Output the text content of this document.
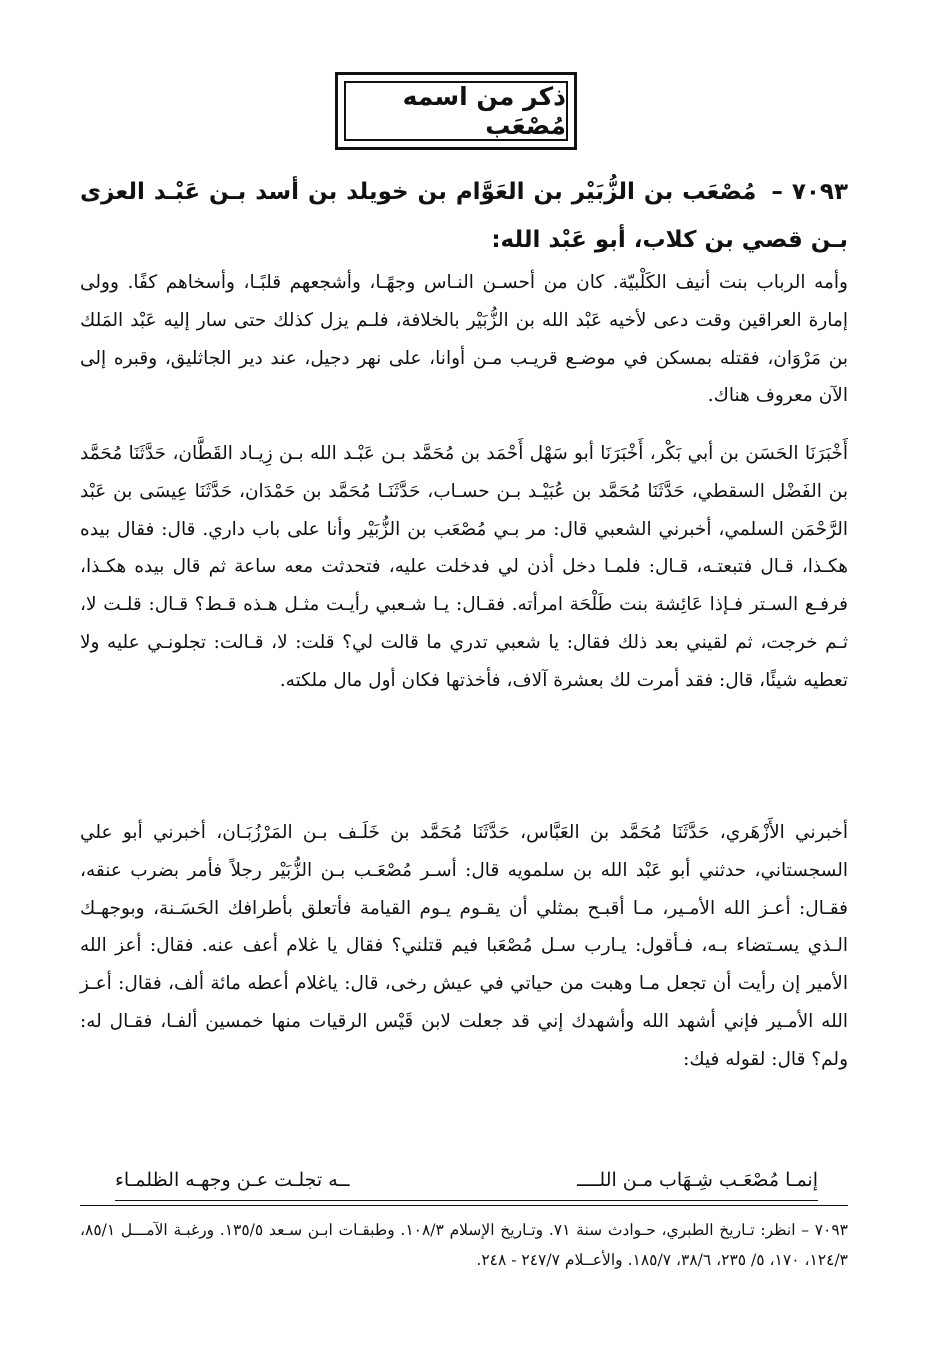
ذكر من اسمه مُصْعَب
٧٠٩٣ – مُصْعَب بن الزُّبَيْر بن العَوَّام بن خويلد بن أسد بـن عَبْـد العزى بـن قصي بن كلاب، أبو عَبْد الله:
وأمه الرباب بنت أنيف الكَلْبيّة. كان من أحسـن النـاس وجهًـا، وأشجعهم قلبًـا، وأسخاهم كفًا. وولى إمارة العراقين وقت دعى لأخيه عَبْد الله بن الزُّبَيْر بالخلافة، فلـم يزل كذلك حتى سار إليه عَبْد المَلك بن مَرْوَان، فقتله بمسكن في موضـع قريـب مـن أوانا، على نهر دجيل، عند دير الجاثليق، وقبره إلى الآن معروف هناك.
أَخْبَرَنَا الحَسَن بن أبي بَكْر، أَخْبَرَنَا أبو سَهْل أَحْمَد بن مُحَمَّد بـن عَبْـد الله بـن زِيـاد القَطَّان، حَدَّثَنَا مُحَمَّد بن الفَضْل السقطي، حَدَّثَنَا مُحَمَّد بن عُبَيْـد بـن حسـاب، حَدَّثَنَـا مُحَمَّد بن حَمْدَان، حَدَّثَنَا عِيسَى بن عَبْد الرَّحْمَن السلمي، أخبرني الشعبي قال: مر بـي مُصْعَب بن الزُّبَيْر وأنا على باب داري. قال: فقال بيده هكـذا، قـال فتبعتـه، قـال: فلمـا دخل أذن لي فدخلت عليه، فتحدثت معه ساعة ثم قال بيده هكـذا، فرفـع السـتر فـإذا عَائِشة بنت طَلْحَة امرأته. فقـال: يـا شـعبي رأيـت مثـل هـذه قـط؟ قـال: قلـت لا، ثـم خرجت، ثم لقيني بعد ذلك فقال: يا شعبي تدري ما قالت لي؟ قلت: لا، قـالت: تجلونـي عليه ولا تعطيه شيئًا، قال: فقد أمرت لك بعشرة آلاف، فأخذتها فكان أول مال ملكته.
أخبرني الأَزْهَري، حَدَّثَنَا مُحَمَّد بن العَبَّاس، حَدَّثَنَا مُحَمَّد بن خَلَـف بـن المَرْزُبَـان، أخبرني أبو علي السجستاني، حدثني أبو عَبْد الله بن سلمويه قال: أسـر مُصْعَـب بـن الزُّبَيْر رجلاً فأمر بضرب عنقه، فقـال: أعـز الله الأمـير، مـا أقبـح بمثلي أن يقـوم يـوم القيامة فأتعلق بأطرافك الحَسَـنة، وبوجهـك الـذي يسـتضاء بـه، فـأقول: يـارب سـل مُصْعَبا فيم قتلني؟ فقال يا غلام أعف عنه. فقال: أعز الله الأمير إن رأيت أن تجعل مـا وهبت من حياتي في عيش رخى، قال: ياغلام أعطه مائة ألف، فقال: أعـز الله الأمـير فإني أشهد الله وأشهدك إني قد جعلت لابن قَيْس الرقيات منها خمسين ألفـا، فقـال له: ولم؟ قال: لقوله فيك:
إنمـا مُصْعَـب شِـهَاب مـن اللــــ
ــه تجلـت عـن وجهـه الظلمـاء
٧٠٩٣ – انظر: تـاريخ الطبري، حـوادث سنة ٧١. وتـاريخ الإسلام ١٠٨/٣. وطبقـات ابـن سـعد ١٣٥/٥. ورغبـة الآمـــل ٨٥/١، ١٢٤/٣، ١٧٠، ٥/ ٢٣٥، ٣٨/٦، ١٨٥/٧. والأعــلام ٢٤٧/٧ - ٢٤٨.
